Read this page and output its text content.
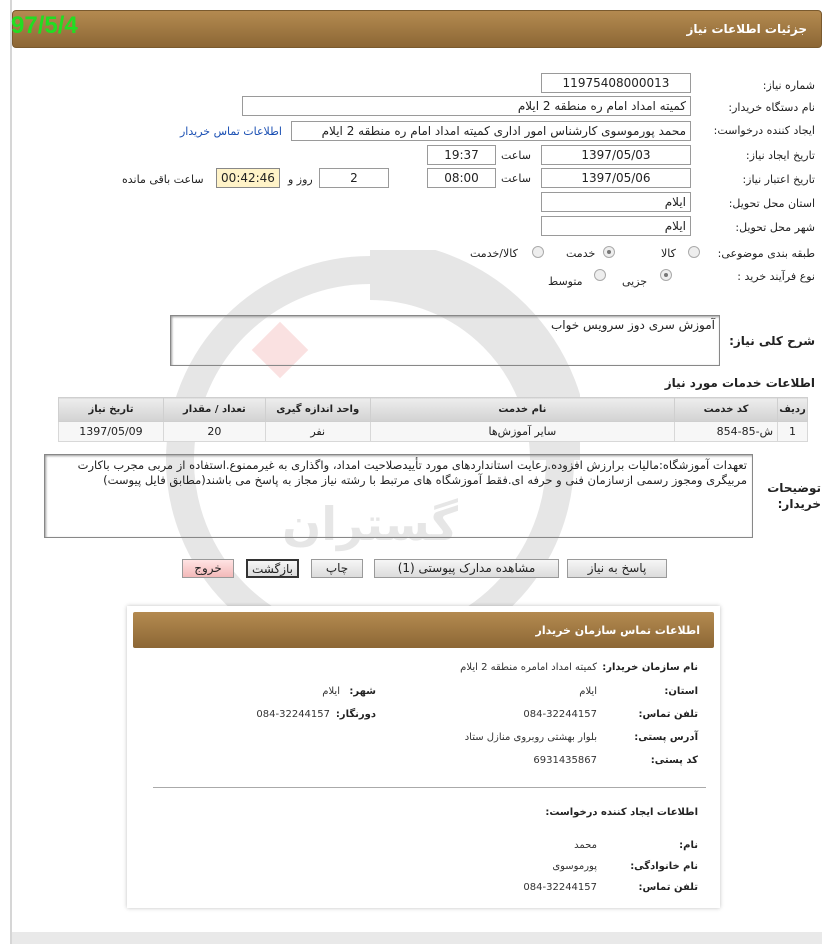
جزئیات اطلاعات نیاز
97/5/4
گستران
شماره نیاز:
11975408000013
نام دستگاه خریدار:
کمیته امداد امام ره منطقه 2 ایلام
ایجاد کننده درخواست:
محمد پورموسوی کارشناس امور اداری کمیته امداد امام ره منطقه 2 ایلام
اطلاعات تماس خریدار
تاریخ ایجاد نیاز:
1397/05/03
ساعت
19:37
تاریخ اعتبار نیاز:
1397/05/06
ساعت
08:00
2
روز و
00:42:46
ساعت باقی مانده
استان محل تحویل:
ایلام
شهر محل تحویل:
ایلام
طبقه بندی موضوعی:
کالا
خدمت
کالا/خدمت
نوع فرآیند خرید :
جزیی
متوسط
شرح کلی نیاز:
آموزش سری دوز سرویس خواب
اطلاعات خدمات مورد نیاز
ردیف	کد خدمت	نام خدمت	واحد اندازه گیری	تعداد / مقدار	تاریخ نیاز
1	ش-85-854	سایر آموزش‌ها	نفر	20	1397/05/09
توضیحات خریدار:
تعهدات آموزشگاه:مالیات برارزش افزوده.رعایت استانداردهای مورد تأییدصلاحیت امداد، واگذاری به غیرممنوع.استفاده از مربی مجرب باکارت مربیگری ومجوز رسمی ازسازمان فنی و حرفه ای.فقط آموزشگاه های مرتبط با رشته نیاز مجاز به پاسخ می باشند(مطابق فایل پیوست)
پاسخ به نیاز
مشاهده مدارک پیوستی (1)
چاپ
بازگشت
خروج
اطلاعات تماس سازمان خریدار
نام سازمان خریدار:
کمیته امداد امامره منطقه 2 ایلام
استان:
ایلام
شهر:
ایلام
تلفن تماس:
084-32244157
دورنگار:
084-32244157
آدرس پستی:
بلوار بهشتی روبروی منازل ستاد
کد پستی:
6931435867
اطلاعات ایجاد کننده درخواست:
نام:
محمد
نام خانوادگی:
پورموسوی
تلفن تماس:
084-32244157
